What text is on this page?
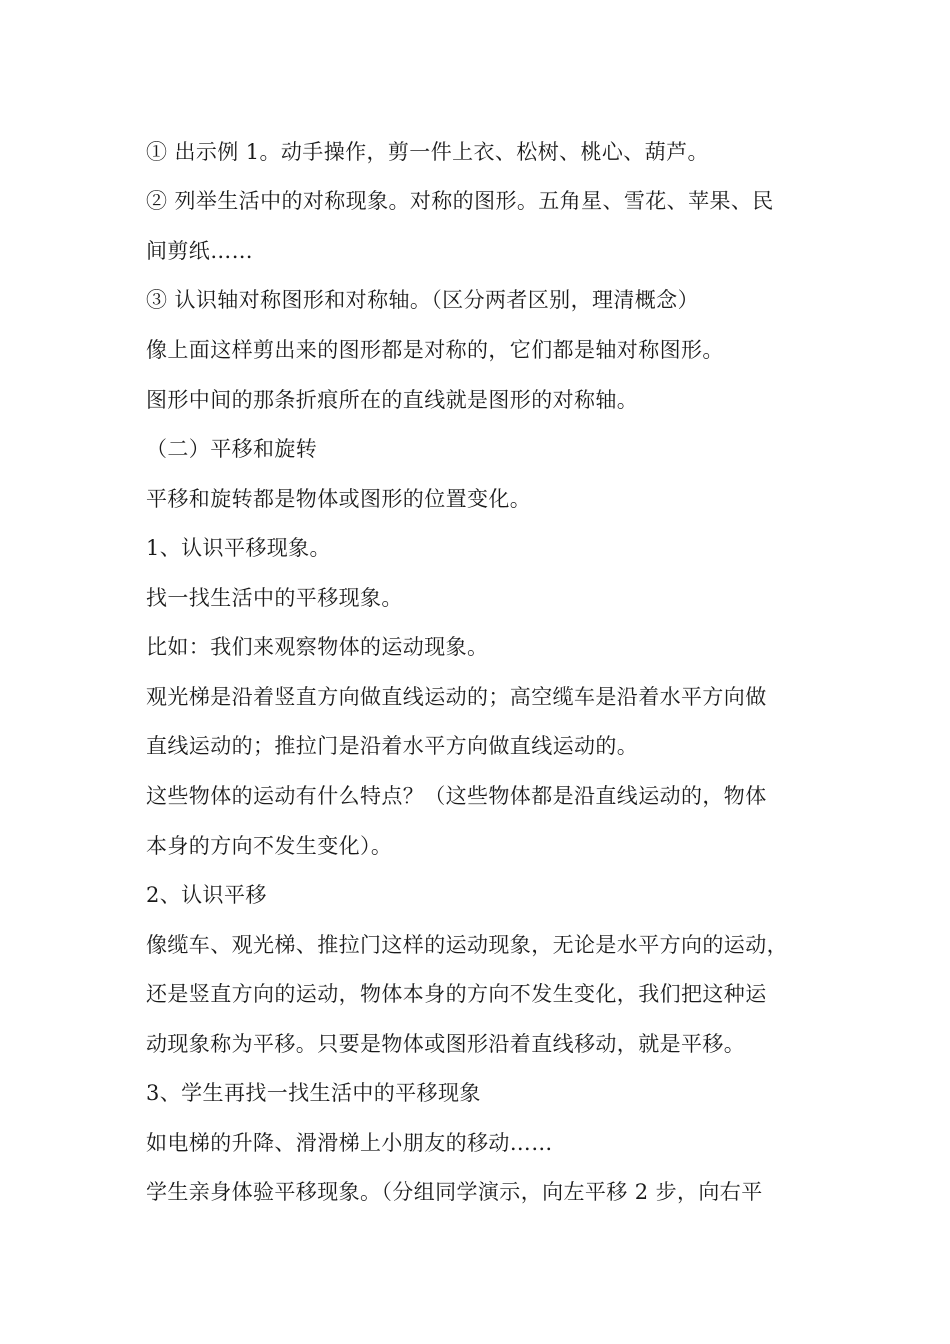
① 出示例 1。动手操作，剪一件上衣、松树、桃心、葫芦。
② 列举生活中的对称现象。对称的图形。五角星、雪花、苹果、民
间剪纸……
③ 认识轴对称图形和对称轴。（区分两者区别，理清概念）
像上面这样剪出来的图形都是对称的，它们都是轴对称图形。
图形中间的那条折痕所在的直线就是图形的对称轴。
（二）平移和旋转
平移和旋转都是物体或图形的位置变化。
1、认识平移现象。
找一找生活中的平移现象。
比如：我们来观察物体的运动现象。
观光梯是沿着竖直方向做直线运动的；高空缆车是沿着水平方向做
直线运动的；推拉门是沿着水平方向做直线运动的。
这些物体的运动有什么特点？（这些物体都是沿直线运动的，物体
本身的方向不发生变化）。
2、认识平移
像缆车、观光梯、推拉门这样的运动现象，无论是水平方向的运动，
还是竖直方向的运动，物体本身的方向不发生变化，我们把这种运
动现象称为平移。只要是物体或图形沿着直线移动，就是平移。
3、学生再找一找生活中的平移现象
如电梯的升降、滑滑梯上小朋友的移动……
学生亲身体验平移现象。（分组同学演示，向左平移 2 步，向右平
